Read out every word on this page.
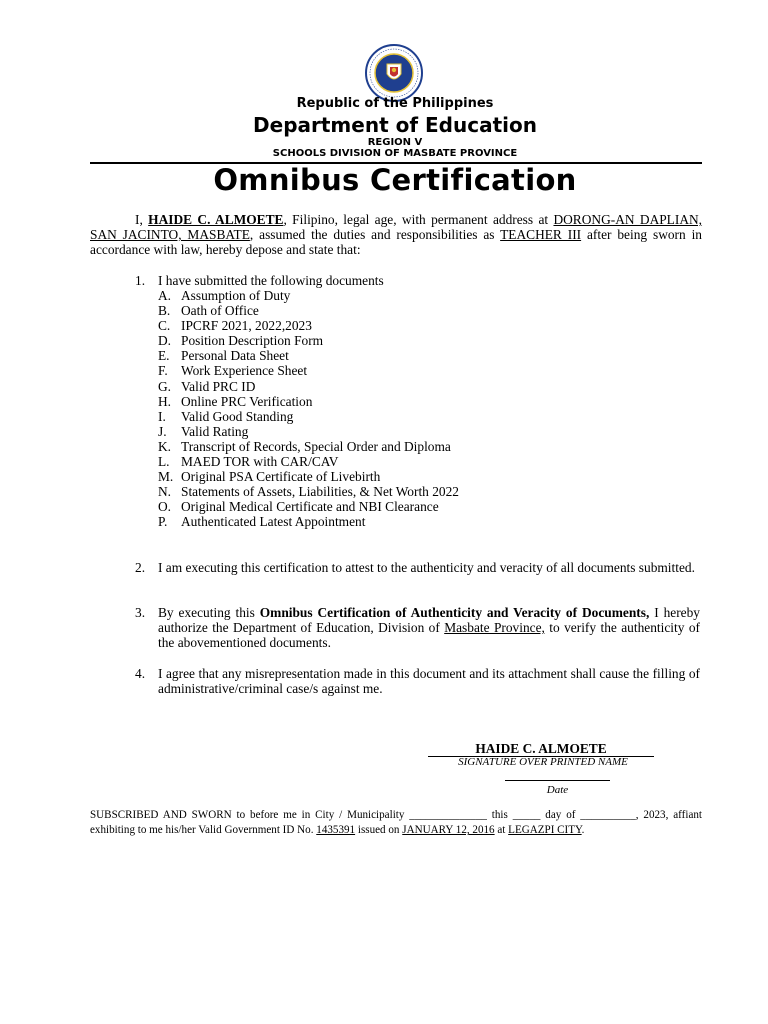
Republic of the Philippines
Department of Education
REGION V
SCHOOLS DIVISION OF MASBATE PROVINCE
Omnibus Certification
I, HAIDE C. ALMOETE, Filipino, legal age, with permanent address at DORONG-AN DAPLIAN, SAN JACINTO, MASBATE, assumed the duties and responsibilities as TEACHER III after being sworn in accordance with law, hereby depose and state that:
1. I have submitted the following documents
A. Assumption of Duty
B. Oath of Office
C. IPCRF 2021, 2022,2023
D. Position Description Form
E. Personal Data Sheet
F. Work Experience Sheet
G. Valid PRC ID
H. Online PRC Verification
I.	Valid Good Standing
J.	Valid Rating
K. Transcript of Records, Special Order and Diploma
L. MAED TOR with CAR/CAV
M. Original PSA Certificate of Livebirth
N. Statements of Assets, Liabilities, & Net Worth 2022
O. Original Medical Certificate and NBI Clearance
P.	Authenticated Latest Appointment
2. I am executing this certification to attest to the authenticity and veracity of all documents submitted.
3. By executing this Omnibus Certification of Authenticity and Veracity of Documents, I hereby authorize the Department of Education, Division of Masbate Province, to verify the authenticity of the abovementioned documents.
4. I agree that any misrepresentation made in this document and its attachment shall cause the filling of administrative/criminal case/s against me.
HAIDE C. ALMOETE
SIGNATURE OVER PRINTED NAME
Date
SUBSCRIBED AND SWORN to before me in City / Municipality ______________ this _____ day of __________, 2023, affiant exhibiting to me his/her Valid Government ID No. 1435391 issued on JANUARY 12, 2016 at LEGAZPI CITY.
